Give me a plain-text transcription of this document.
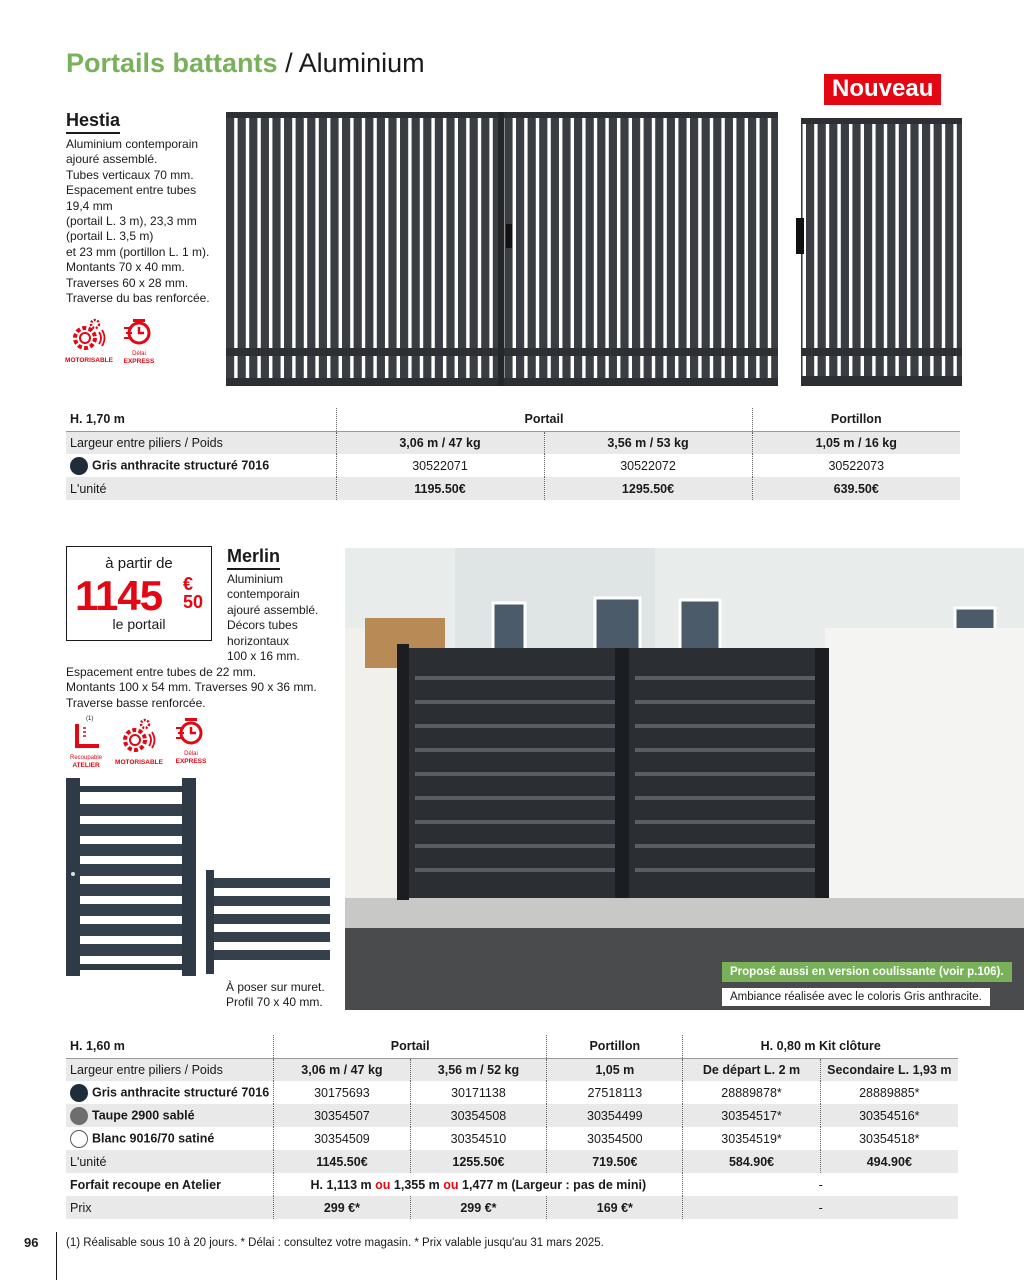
Portails battants / Aluminium
Nouveau
Hestia
Aluminium contemporain
ajouré assemblé.
Tubes verticaux 70 mm.
Espacement entre tubes
19,4 mm
(portail L. 3 m), 23,3 mm
(portail L. 3,5 m)
et 23 mm (portillon L. 1 m).
Montants 70 x 40 mm.
Traverses 60 x 28 mm.
Traverse du bas renforcée.
MOTORISABLE
Délai
EXPRESS
H. 1,70 m	Portail		Portillon
Largeur entre piliers / Poids	3,06 m / 47 kg	3,56 m / 53 kg	1,05 m / 16 kg
Gris anthracite structuré 7016	30522071	30522072	30522073
L'unité	1195.50€	1295.50€	639.50€
à partir de
1145 €
50
le portail
Merlin
Aluminium
contemporain
ajouré assemblé.
Décors tubes
horizontaux
100 x 16 mm.
Espacement entre tubes de 22 mm.
Montants 100 x 54 mm. Traverses 90 x 36 mm.
Traverse basse renforcée.
(1)
Recoupable
ATELIER	MOTORISABLE
Délai
EXPRESS
À poser sur muret.
Profil 70 x 40 mm.
Proposé aussi en version coulissante (voir p.106).
Ambiance réalisée avec le coloris Gris anthracite.
H. 1,60 m	Portail		Portillon	H. 0,80 m Kit clôture	
Largeur entre piliers / Poids	3,06 m / 47 kg	3,56 m / 52 kg	1,05 m	De départ L. 2 m	Secondaire L. 1,93 m
Gris anthracite structuré 7016	30175693	30171138	27518113	28889878*	28889885*
Taupe 2900 sablé	30354507	30354508	30354499	30354517*	30354516*
Blanc 9016/70 satiné	30354509	30354510	30354500	30354519*	30354518*
L'unité	1145.50€	1255.50€	719.50€	584.90€	494.90€
Forfait recoupe en Atelier	H. 1,113 m ou 1,355 m ou 1,477 m (Largeur : pas de mini)			-	
Prix	299 €*	299 €*	169 €*	-	
96 (1) Réalisable sous 10 à 20 jours. * Délai : consultez votre magasin. * Prix valable jusqu'au 31 mars 2025.
